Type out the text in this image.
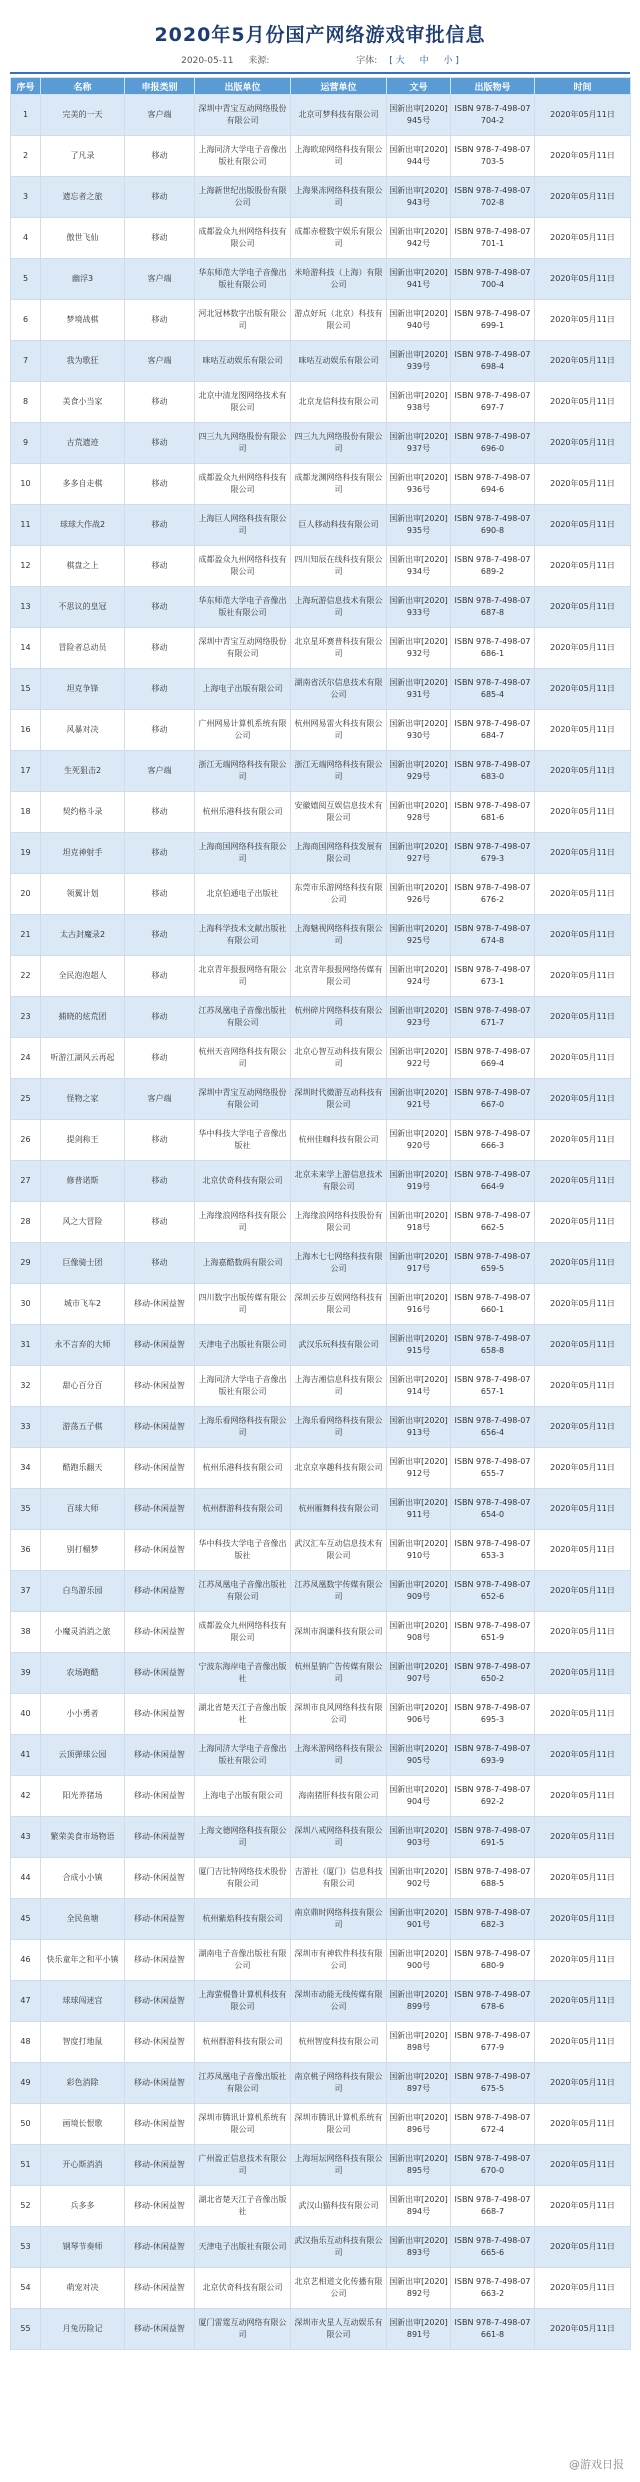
2020年5月份国产网络游戏审批信息
2020-05-11 来源:	字体: [ 大 中 小 ]
序号	名称	申报类别	出版单位	运营单位	文号	出版物号	时间
1	完美的一天	客户端	深圳中青宝互动网络股份有限公司	北京可梦科技有限公司	国新出审[2020]945号	ISBN 978-7-498-07704-2	2020年05月11日
2	了凡录	移动	上海同济大学电子音像出版社有限公司	上海欧琼网络科技有限公司	国新出审[2020]944号	ISBN 978-7-498-07703-5	2020年05月11日
3	遗忘者之旅	移动	上海新世纪出版股份有限公司	上海果冻网络科技有限公司	国新出审[2020]943号	ISBN 978-7-498-07702-8	2020年05月11日
4	傲世飞仙	移动	成都盈众九州网络科技有限公司	成都赤橙数字娱乐有限公司	国新出审[2020]942号	ISBN 978-7-498-07701-1	2020年05月11日
5	幽浮3	客户端	华东师范大学电子音像出版社有限公司	米哈游科技（上海）有限公司	国新出审[2020]941号	ISBN 978-7-498-07700-4	2020年05月11日
6	梦境战棋	移动	河北冠林数字出版有限公司	游点好玩（北京）科技有限公司	国新出审[2020]940号	ISBN 978-7-498-07699-1	2020年05月11日
7	我为歌狂	客户端	咪咕互动娱乐有限公司	咪咕互动娱乐有限公司	国新出审[2020]939号	ISBN 978-7-498-07698-4	2020年05月11日
8	美食小当家	移动	北京中清龙图网络技术有限公司	北京龙信科技有限公司	国新出审[2020]938号	ISBN 978-7-498-07697-7	2020年05月11日
9	古荒遗迹	移动	四三九九网络股份有限公司	四三九九网络股份有限公司	国新出审[2020]937号	ISBN 978-7-498-07696-0	2020年05月11日
10	多多自走棋	移动	成都盈众九州网络科技有限公司	成都龙渊网络科技有限公司	国新出审[2020]936号	ISBN 978-7-498-07694-6	2020年05月11日
11	球球大作战2	移动	上海巨人网络科技有限公司	巨人移动科技有限公司	国新出审[2020]935号	ISBN 978-7-498-07690-8	2020年05月11日
12	棋盘之上	移动	成都盈众九州网络科技有限公司	四川知辰在线科技有限公司	国新出审[2020]934号	ISBN 978-7-498-07689-2	2020年05月11日
13	不思议的皇冠	移动	华东师范大学电子音像出版社有限公司	上海玩游信息技术有限公司	国新出审[2020]933号	ISBN 978-7-498-07687-8	2020年05月11日
14	冒险者总动员	移动	深圳中青宝互动网络股份有限公司	北京星环赛普科技有限公司	国新出审[2020]932号	ISBN 978-7-498-07686-1	2020年05月11日
15	坦克争锋	移动	上海电子出版有限公司	湖南省沃尔信息技术有限公司	国新出审[2020]931号	ISBN 978-7-498-07685-4	2020年05月11日
16	风暴对决	移动	广州网易计算机系统有限公司	杭州网易雷火科技有限公司	国新出审[2020]930号	ISBN 978-7-498-07684-7	2020年05月11日
17	生死狙击2	客户端	浙江无端网络科技有限公司	浙江无端网络科技有限公司	国新出审[2020]929号	ISBN 978-7-498-07683-0	2020年05月11日
18	契约格斗录	移动	杭州乐港科技有限公司	安徽嬉阅互娱信息技术有限公司	国新出审[2020]928号	ISBN 978-7-498-07681-6	2020年05月11日
19	坦克神射手	移动	上海商国网络科技有限公司	上海商国网络科技发展有限公司	国新出审[2020]927号	ISBN 978-7-498-07679-3	2020年05月11日
20	领翼计划	移动	北京伯通电子出版社	东莞市乐游网络科技有限公司	国新出审[2020]926号	ISBN 978-7-498-07676-2	2020年05月11日
21	太古封魔录2	移动	上海科学技术文献出版社有限公司	上海魅视网络科技有限公司	国新出审[2020]925号	ISBN 978-7-498-07674-8	2020年05月11日
22	全民泡泡超人	移动	北京青年报报网络有限公司	北京青年报报网络传媒有限公司	国新出审[2020]924号	ISBN 978-7-498-07673-1	2020年05月11日
23	捕晓的炫荒团	移动	江苏凤凰电子音像出版社有限公司	杭州碎片网络科技有限公司	国新出审[2020]923号	ISBN 978-7-498-07671-7	2020年05月11日
24	听游江湖风云再起	移动	杭州天音网络科技有限公司	北京心智互动科技有限公司	国新出审[2020]922号	ISBN 978-7-498-07669-4	2020年05月11日
25	怪物之家	客户端	深圳中青宝互动网络股份有限公司	深圳时代微游互动科技有限公司	国新出审[2020]921号	ISBN 978-7-498-07667-0	2020年05月11日
26	提剑称王	移动	华中科技大学电子音像出版社	杭州佳咖科技有限公司	国新出审[2020]920号	ISBN 978-7-498-07666-3	2020年05月11日
27	修普诺斯	移动	北京伏奇科技有限公司	北京未来学上游信息技术有限公司	国新出审[2020]919号	ISBN 978-7-498-07664-9	2020年05月11日
28	风之大冒险	移动	上海缘浪网络科技有限公司	上海缘浪网络科技股份有限公司	国新出审[2020]918号	ISBN 978-7-498-07662-5	2020年05月11日
29	巨像骑士团	移动	上海嘉酷数码有限公司	上海木七七网络科技有限公司	国新出审[2020]917号	ISBN 978-7-498-07659-5	2020年05月11日
30	城市飞车2	移动-休闲益智	四川数字出版传媒有限公司	深圳云步互娱网络科技有限公司	国新出审[2020]916号	ISBN 978-7-498-07660-1	2020年05月11日
31	永不言弃的大师	移动-休闲益智	天津电子出版社有限公司	武汉乐玩科技有限公司	国新出审[2020]915号	ISBN 978-7-498-07658-8	2020年05月11日
32	甜心百分百	移动-休闲益智	上海同济大学电子音像出版社有限公司	上海吉湘信息科技有限公司	国新出审[2020]914号	ISBN 978-7-498-07657-1	2020年05月11日
33	游荡五子棋	移动-休闲益智	上海乐看网络科技有限公司	上海乐看网络科技有限公司	国新出审[2020]913号	ISBN 978-7-498-07656-4	2020年05月11日
34	酷跑乐翻天	移动-休闲益智	杭州乐港科技有限公司	北京京享趣科技有限公司	国新出审[2020]912号	ISBN 978-7-498-07655-7	2020年05月11日
35	百球大师	移动-休闲益智	杭州群游科技有限公司	杭州雁舞科技有限公司	国新出审[2020]911号	ISBN 978-7-498-07654-0	2020年05月11日
36	别打榴梦	移动-休闲益智	华中科技大学电子音像出版社	武汉汇车互动信息技术有限公司	国新出审[2020]910号	ISBN 978-7-498-07653-3	2020年05月11日
37	白鸟游乐园	移动-休闲益智	江苏凤凰电子音像出版社有限公司	江苏凤凰数字传媒有限公司	国新出审[2020]909号	ISBN 978-7-498-07652-6	2020年05月11日
38	小魔灵消消之旅	移动-休闲益智	成都盈众九州网络科技有限公司	深圳市润谦科技有限公司	国新出审[2020]908号	ISBN 978-7-498-07651-9	2020年05月11日
39	农场跑酷	移动-休闲益智	宁波东海岸电子音像出版社	杭州星钠广告传媒有限公司	国新出审[2020]907号	ISBN 978-7-498-07650-2	2020年05月11日
40	小小勇者	移动-休闲益智	湖北省楚天江子音像出版社	深圳市良风网络科技有限公司	国新出审[2020]906号	ISBN 978-7-498-07695-3	2020年05月11日
41	云顶弹球公园	移动-休闲益智	上海同济大学电子音像出版社有限公司	上海米游网络科技有限公司	国新出审[2020]905号	ISBN 978-7-498-07693-9	2020年05月11日
42	阳光养猪场	移动-休闲益智	上海电子出版有限公司	海南猪肝科技有限公司	国新出审[2020]904号	ISBN 978-7-498-07692-2	2020年05月11日
43	繁荣美食市场物语	移动-休闲益智	上海文德网络科技有限公司	深圳八戒网络科技有限公司	国新出审[2020]903号	ISBN 978-7-498-07691-5	2020年05月11日
44	合成小小镇	移动-休闲益智	厦门吉比特网络技术股份有限公司	吉游社（厦门）信息科技有限公司	国新出审[2020]902号	ISBN 978-7-498-07688-5	2020年05月11日
45	全民鱼塘	移动-休闲益智	杭州紫焰科技有限公司	南京鼎时网络科技有限公司	国新出审[2020]901号	ISBN 978-7-498-07682-3	2020年05月11日
46	快乐童年之和平小镇	移动-休闲益智	湖南电子音像出版社有限公司	深圳市有神软件科技有限公司	国新出审[2020]900号	ISBN 978-7-498-07680-9	2020年05月11日
47	球球闯迷宫	移动-休闲益智	上海萤棍鲁计算机科技有限公司	深圳市动能无线传媒有限公司	国新出审[2020]899号	ISBN 978-7-498-07678-6	2020年05月11日
48	智度打地鼠	移动-休闲益智	杭州群游科技有限公司	杭州智度科技有限公司	国新出审[2020]898号	ISBN 978-7-498-07677-9	2020年05月11日
49	彩色消除	移动-休闲益智	江苏凤凰电子音像出版社有限公司	南京桃子网络科技有限公司	国新出审[2020]897号	ISBN 978-7-498-07675-5	2020年05月11日
50	画境长恨歌	移动-休闲益智	深圳市腾讯计算机系统有限公司	深圳市腾讯计算机系统有限公司	国新出审[2020]896号	ISBN 978-7-498-07672-4	2020年05月11日
51	开心斯消消	移动-休闲益智	广州盈正信息技术有限公司	上海垣坛网络科技有限公司	国新出审[2020]895号	ISBN 978-7-498-07670-0	2020年05月11日
52	兵多多	移动-休闲益智	湖北省楚天江子音像出版社	武汉山猫科技有限公司	国新出审[2020]894号	ISBN 978-7-498-07668-7	2020年05月11日
53	钢琴节奏师	移动-休闲益智	天津电子出版社有限公司	武汉指乐互动科技有限公司	国新出审[2020]893号	ISBN 978-7-498-07665-6	2020年05月11日
54	萌宠对决	移动-休闲益智	北京伏奇科技有限公司	北京艺相道文化传播有限公司	国新出审[2020]892号	ISBN 978-7-498-07663-2	2020年05月11日
55	月兔历险记	移动-休闲益智	厦门雷霆互动网络有限公司	深圳市火星人互动娱乐有限公司	国新出审[2020]891号	ISBN 978-7-498-07661-8	2020年05月11日
@游戏日报
